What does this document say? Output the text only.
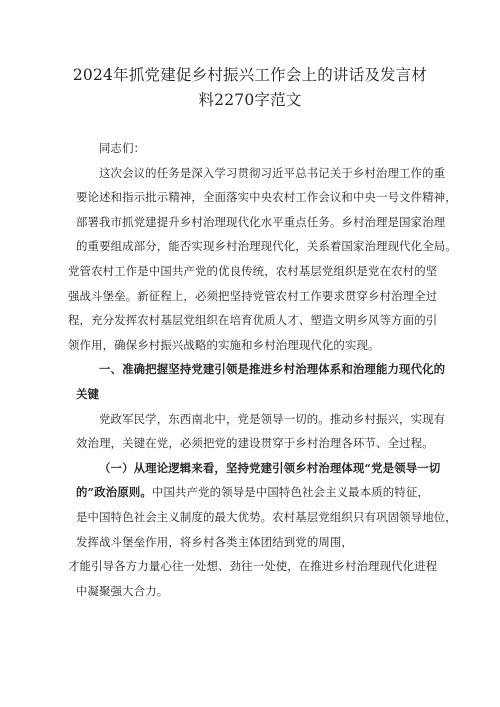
2024年抓党建促乡村振兴工作会上的讲话及发言材
料2270字范文
同志们：
这次会议的任务是深入学习贯彻习近平总书记关于乡村治理工作的重
要论述和指示批示精神，全面落实中央农村工作会议和中央一号文件精神，
部署我市抓党建提升乡村治理现代化水平重点任务。乡村治理是国家治理
的重要组成部分，能否实现乡村治理现代化，关系着国家治理现代化全局。
党管农村工作是中国共产党的优良传统，农村基层党组织是党在农村的坚
强战斗堡垒。新征程上，必须把坚持党管农村工作要求贯穿乡村治理全过
程，充分发挥农村基层党组织在培育优质人才、塑造文明乡风等方面的引
领作用，确保乡村振兴战略的实施和乡村治理现代化的实现。
一、准确把握坚持党建引领是推进乡村治理体系和治理能力现代化的
关键
党政军民学，东西南北中，党是领导一切的。推动乡村振兴，实现有
效治理，关键在党，必须把党的建设贯穿于乡村治理各环节、全过程。
（一）从理论逻辑来看，坚持党建引领乡村治理体现“党是领导一切
的”政治原则。中国共产党的领导是中国特色社会主义最本质的特征，
是中国特色社会主义制度的最大优势。农村基层党组织只有巩固领导地位，
发挥战斗堡垒作用，将乡村各类主体团结到党的周围，
才能引导各方力量心往一处想、劲往一处使，在推进乡村治理现代化进程
中凝聚强大合力。
